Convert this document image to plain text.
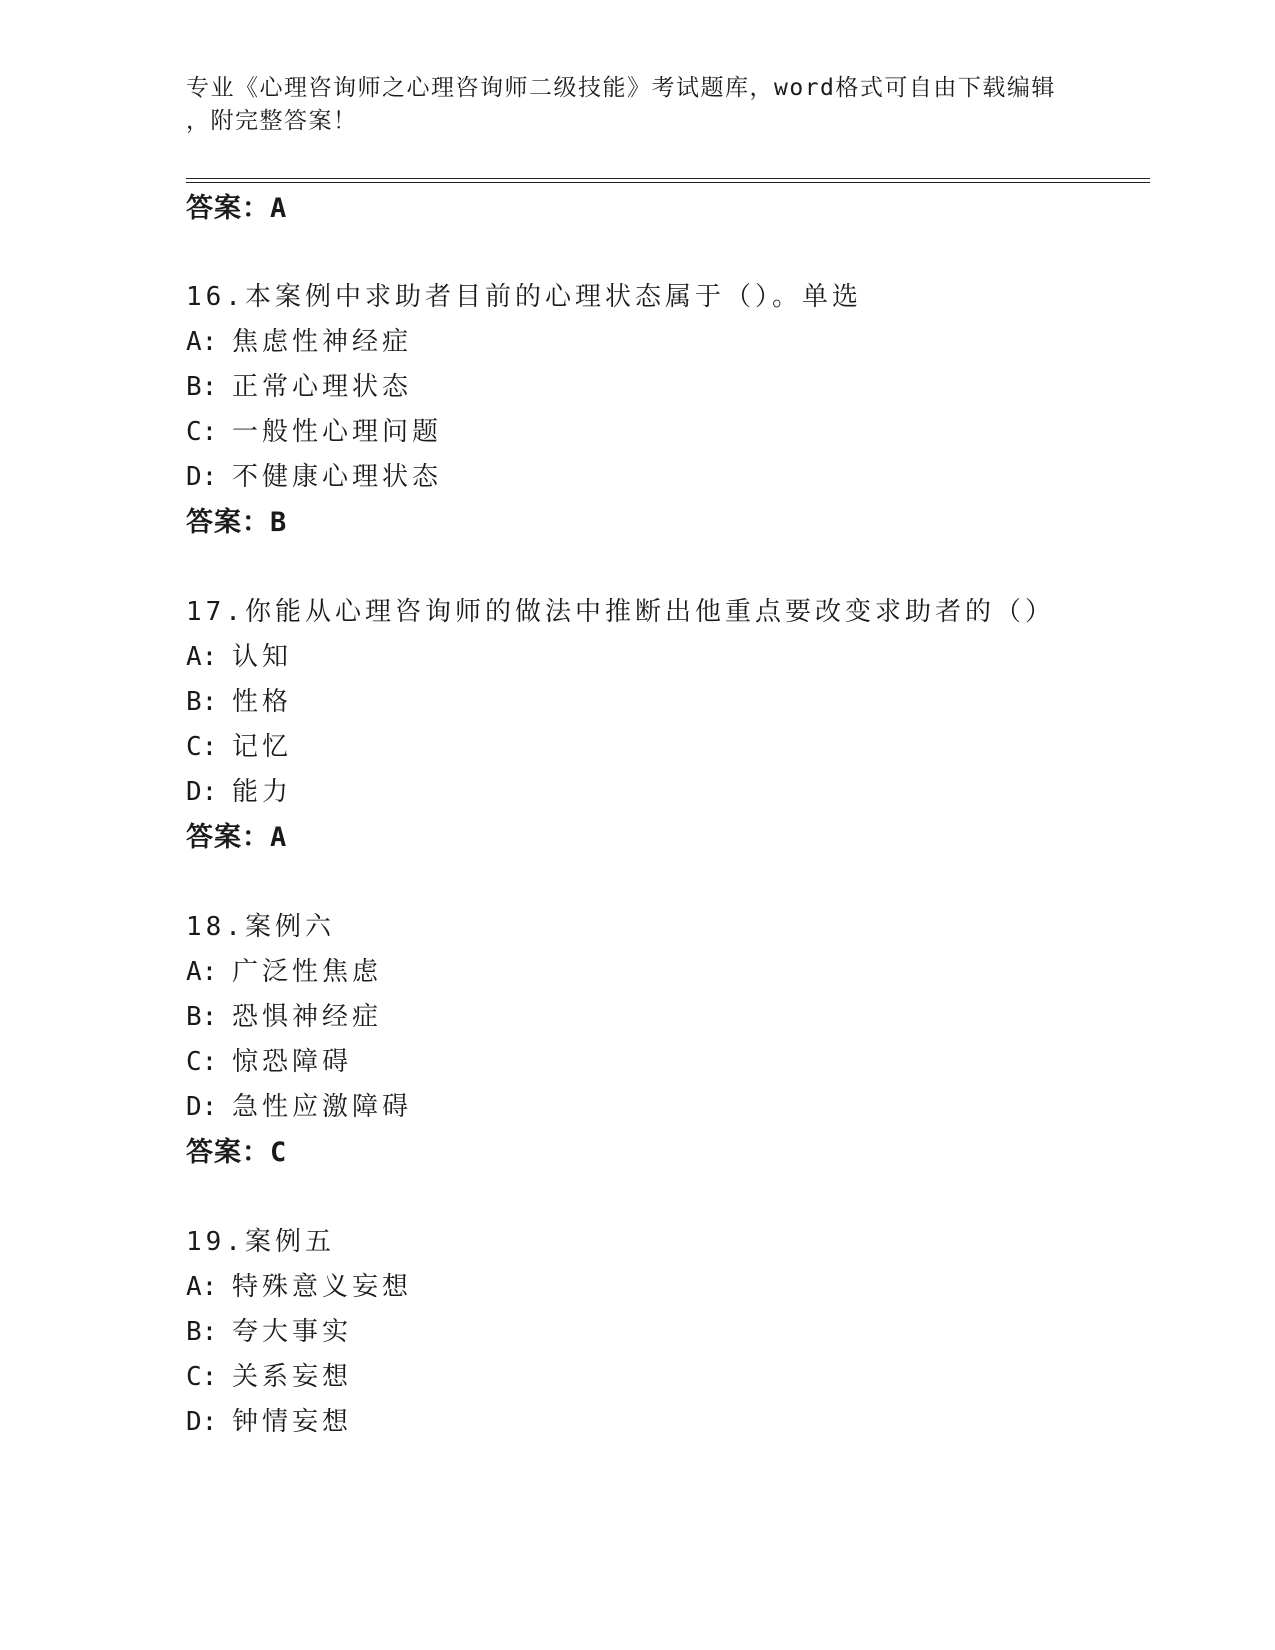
专业《心理咨询师之心理咨询师二级技能》考试题库，word格式可自由下载编辑
，附完整答案！
答案：A
16.本案例中求助者目前的心理状态属于（）。单选
A: 焦虑性神经症
B: 正常心理状态
C: 一般性心理问题
D: 不健康心理状态
答案：B
17.你能从心理咨询师的做法中推断出他重点要改变求助者的（）
A: 认知
B: 性格
C: 记忆
D: 能力
答案：A
18.案例六
A: 广泛性焦虑
B: 恐惧神经症
C: 惊恐障碍
D: 急性应激障碍
答案：C
19.案例五
A: 特殊意义妄想
B: 夸大事实
C: 关系妄想
D: 钟情妄想
